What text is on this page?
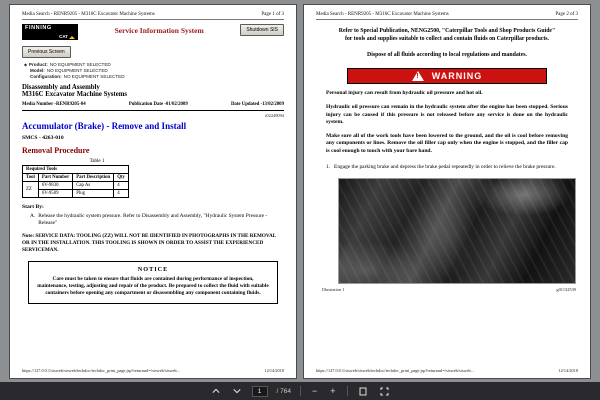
Media Search - RENR9205 - M316C Excavator Machine Systems	Page 1 of 3
FINNING
CAT
Service Information System	Shutdown SIS
Previous Screen
◆ Product: NO EQUIPMENT SELECTED
Model: NO EQUIPMENT SELECTED
Configuration: NO EQUIPMENT SELECTED
Disassembly and Assembly
M316C Excavator Machine Systems
Media Number -RENR9205-04	Publication Date -01/02/2009	Date Updated -13/02/2009
i02249094
Accumulator (Brake) - Remove and Install
SMCS - 4263-010
Removal Procedure
Table 1
Required Tools			
Tool	Part Number	Part Description	Qty
ZZ	6V-9830	Cap As	4
	6V-9509	Plug	4
Start By:
A. Release the hydraulic system pressure. Refer to Disassembly and Assembly, "Hydraulic System Pressure - Release"
Note: SERVICE DATA: TOOLING (ZZ) WILL NOT BE IDENTIFIED IN PHOTOGRAPHS IN THE REMOVAL OR IN THE INSTALLATION. THIS TOOLING IS SHOWN IN ORDER TO ASSIST THE EXPERIENCED SERVICEMAN.
NOTICE
Care must be taken to ensure that fluids are contained during performance of inspection, maintenance, testing, adjusting and repair of the product. Be prepared to collect the fluid with suitable containers before opening any compartment or disassembling any component containing fluids.
https://127.0.0.1/sisweb/sisweb/techdoc/techdoc_print_page.jsp?returnurl=/sisweb/sisweb...	12/14/2018
Media Search - RENR9205 - M316C Excavator Machine Systems	Page 2 of 3

Refer to Special Publication, NENG2500, "Caterpillar Tools and Shop Products Guide" for tools and supplies suitable to collect and contain fluids on Caterpillar products.

Dispose of all fluids according to local regulations and mandates.

! WARNING

Personal injury can result from hydraulic oil pressure and hot oil.

Hydraulic oil pressure can remain in the hydraulic system after the engine has been stopped. Serious injury can be caused if this pressure is not released before any service is done on the hydraulic system.

Make sure all of the work tools have been lowered to the ground, and the oil is cool before removing any components or lines. Remove the oil filler cap only when the engine is stopped, and the filler cap is cool enough to touch with your bare hand.

1. Engage the parking brake and depress the brake pedal repeatedly in order to relieve the brake pressure.
Illustration 1	g01132539
https://127.0.0.1/sisweb/sisweb/techdoc/techdoc_print_page.jsp?returnurl=/sisweb/sisweb...	12/14/2018
1	/ 764 − +
